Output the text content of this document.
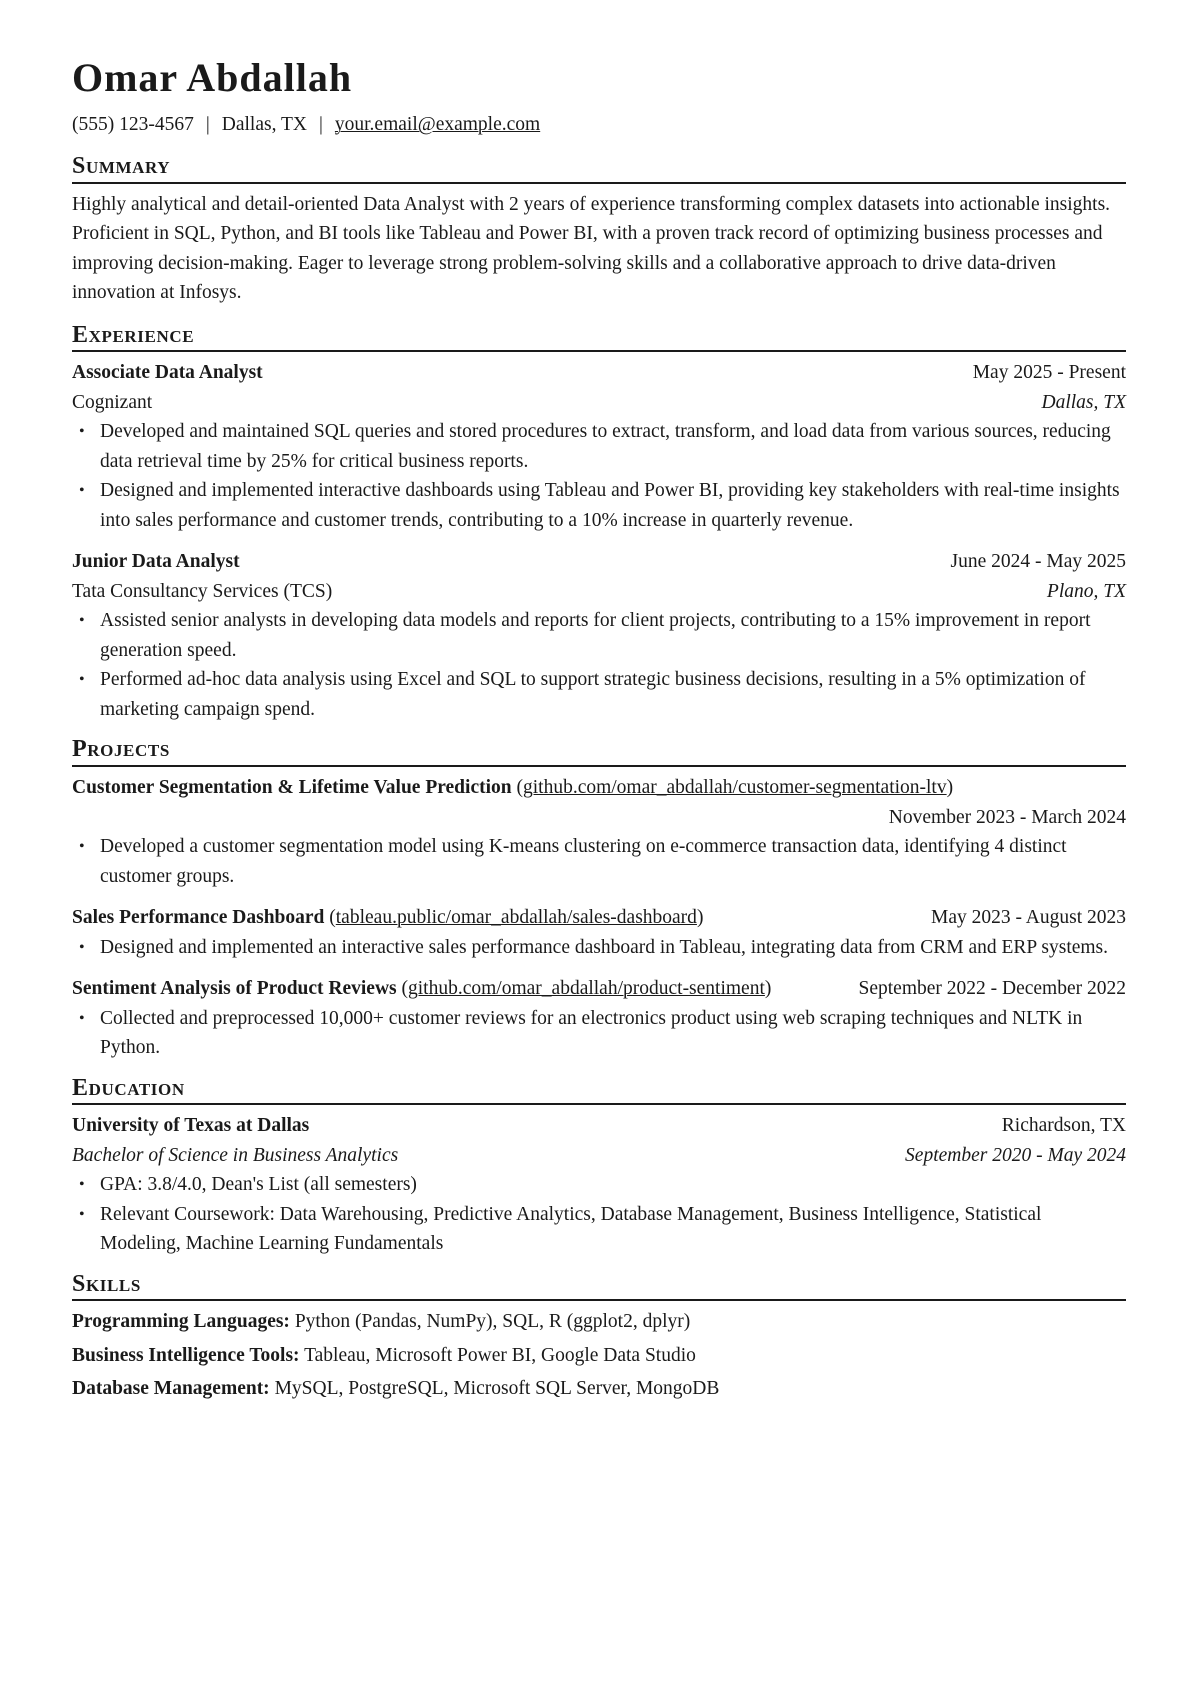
Omar Abdallah
(555) 123-4567 | Dallas, TX | your.email@example.com
Summary
Highly analytical and detail-oriented Data Analyst with 2 years of experience transforming complex datasets into actionable insights. Proficient in SQL, Python, and BI tools like Tableau and Power BI, with a proven track record of optimizing business processes and improving decision-making. Eager to leverage strong problem-solving skills and a collaborative approach to drive data-driven innovation at Infosys.
Experience
Associate Data Analyst	May 2025 - Present
Cognizant	Dallas, TX
• Developed and maintained SQL queries and stored procedures to extract, transform, and load data from various sources, reducing data retrieval time by 25% for critical business reports.
• Designed and implemented interactive dashboards using Tableau and Power BI, providing key stakeholders with real-time insights into sales performance and customer trends, contributing to a 10% increase in quarterly revenue.
Junior Data Analyst	June 2024 - May 2025
Tata Consultancy Services (TCS)	Plano, TX
• Assisted senior analysts in developing data models and reports for client projects, contributing to a 15% improvement in report generation speed.
• Performed ad-hoc data analysis using Excel and SQL to support strategic business decisions, resulting in a 5% optimization of marketing campaign spend.
Projects
Customer Segmentation & Lifetime Value Prediction (github.com/omar_abdallah/customer-segmentation-ltv)
November 2023 - March 2024
• Developed a customer segmentation model using K-means clustering on e-commerce transaction data, identifying 4 distinct customer groups.
Sales Performance Dashboard (tableau.public/omar_abdallah/sales-dashboard)	May 2023 - August 2023
• Designed and implemented an interactive sales performance dashboard in Tableau, integrating data from CRM and ERP systems.
Sentiment Analysis of Product Reviews (github.com/omar_abdallah/product-sentiment)	September 2022 - December 2022
• Collected and preprocessed 10,000+ customer reviews for an electronics product using web scraping techniques and NLTK in Python.
Education
University of Texas at Dallas	Richardson, TX
Bachelor of Science in Business Analytics	September 2020 - May 2024
• GPA: 3.8/4.0, Dean's List (all semesters)
• Relevant Coursework: Data Warehousing, Predictive Analytics, Database Management, Business Intelligence, Statistical Modeling, Machine Learning Fundamentals
Skills
Programming Languages: Python (Pandas, NumPy), SQL, R (ggplot2, dplyr)
Business Intelligence Tools: Tableau, Microsoft Power BI, Google Data Studio
Database Management: MySQL, PostgreSQL, Microsoft SQL Server, MongoDB
